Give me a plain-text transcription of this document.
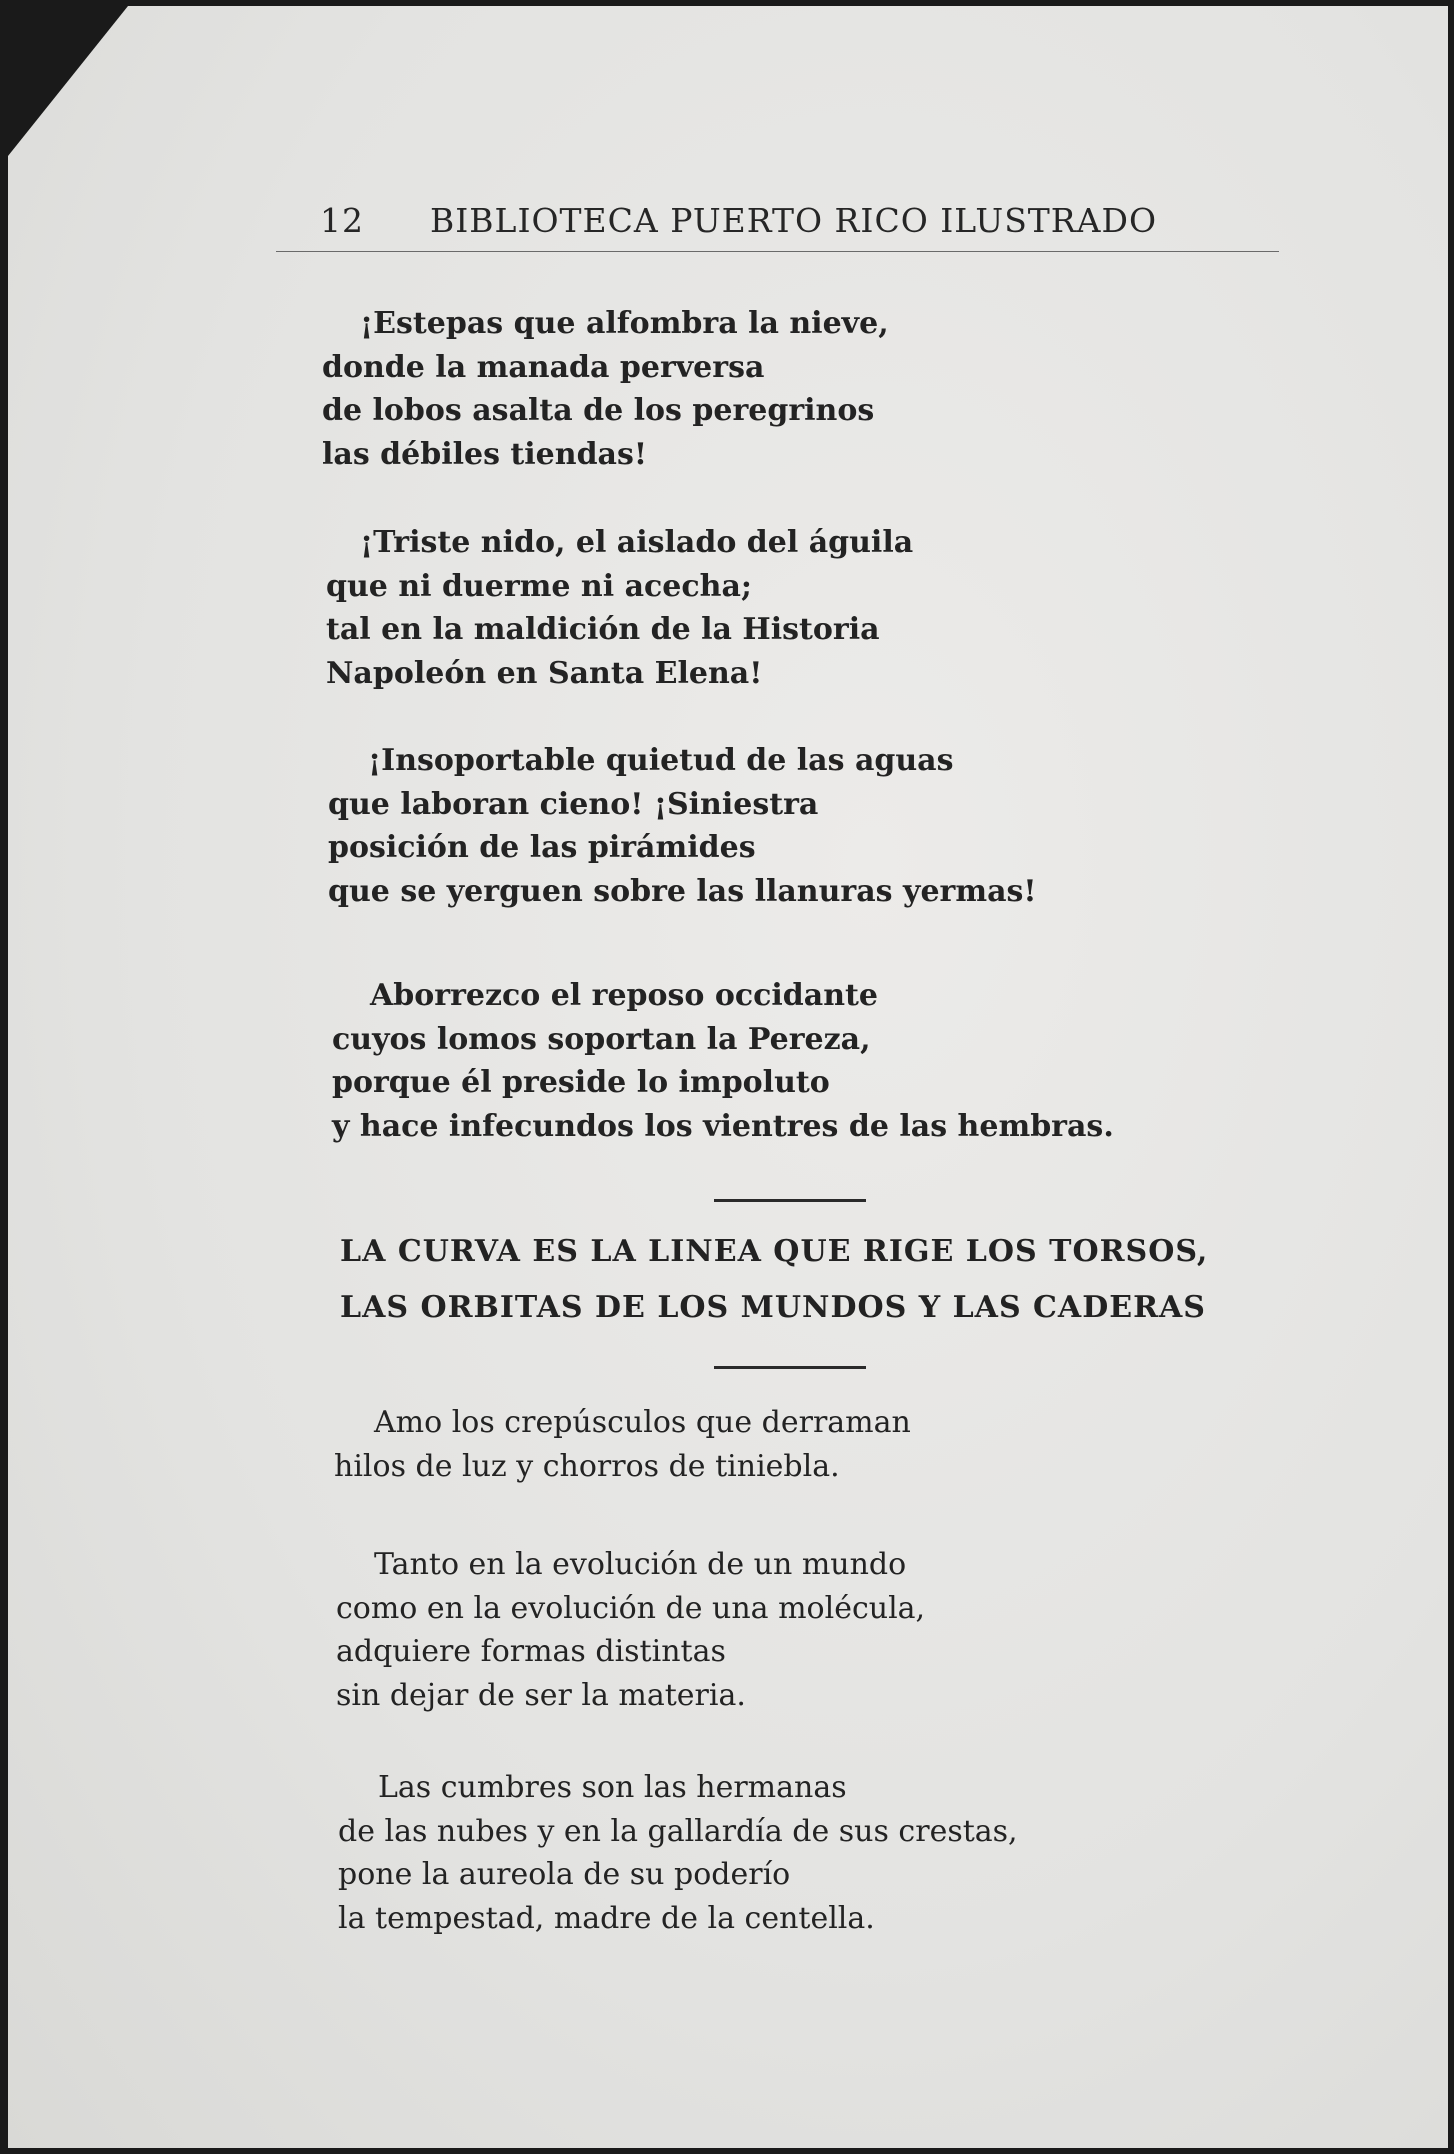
12 BIBLIOTECA PUERTO RICO ILUSTRADO
¡Estepas que alfombra la nieve,
donde la manada perversa
de lobos asalta de los peregrinos
las débiles tiendas!
¡Triste nido, el aislado del águila
que ni duerme ni acecha;
tal en la maldición de la Historia
Napoleón en Santa Elena!
¡Insoportable quietud de las aguas
que laboran cieno! ¡Siniestra
posición de las pirámides
que se yerguen sobre las llanuras yermas!
Aborrezco el reposo occidante
cuyos lomos soportan la Pereza,
porque él preside lo impoluto
y hace infecundos los vientres de las hembras.
LA CURVA ES LA LINEA QUE RIGE LOS TORSOS,
LAS ORBITAS DE LOS MUNDOS Y LAS CADERAS
Amo los crepúsculos que derraman
hilos de luz y chorros de tiniebla.
Tanto en la evolución de un mundo
como en la evolución de una molécula,
adquiere formas distintas
sin dejar de ser la materia.
Las cumbres son las hermanas
de las nubes y en la gallardía de sus crestas,
pone la aureola de su poderío
la tempestad, madre de la centella.
